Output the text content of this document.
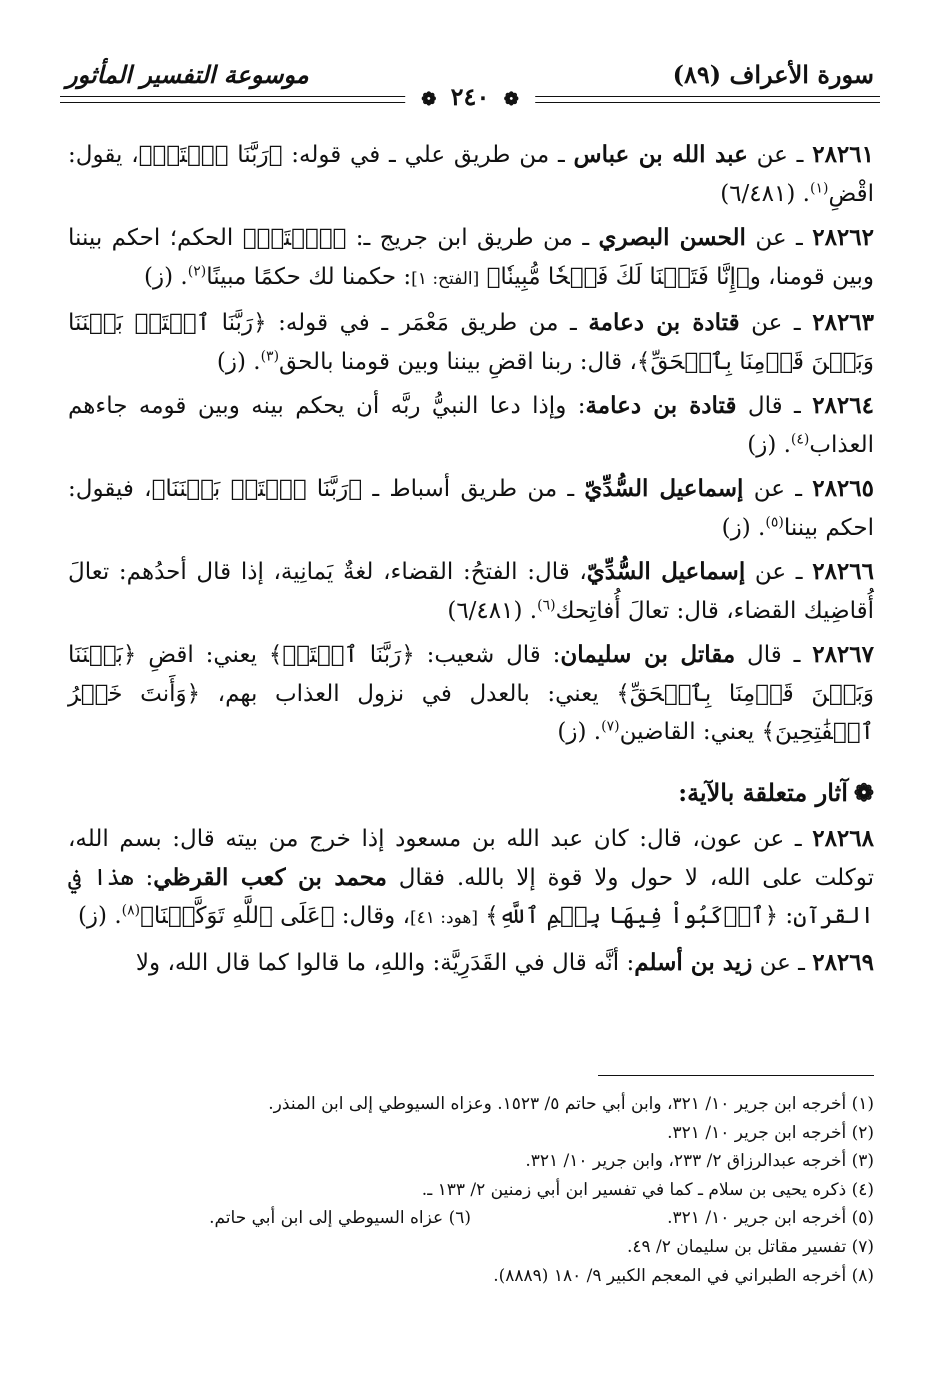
سورة الأعراف (٨٩)
موسوعة التفسير المأثور
❁ ٢٤٠ ❁

٢٨٢٦١ ـ عن عبد الله بن عباس ـ من طريق علي ـ في قوله: ﴿رَبَّنَا ٱفۡتَحۡ﴾، يقول: اقْضِ$^{(١)}$. (٦/٤٨١)

٢٨٢٦٢ ـ عن الحسن البصري ـ من طريق ابن جريج ـ: ﴿ٱفۡتَحۡ﴾ الحكم؛ احكم بيننا وبين قومنا، و﴿إِنَّا فَتَحۡنَا لَكَ فَتۡحٗا مُّبِينٗا﴾ [الفتح: ١]: حكمنا لك حكمًا مبينًا$^{(٢)}$. (ز)

٢٨٢٦٣ ـ عن قتادة بن دعامة ـ من طريق مَعْمَر ـ في قوله: ﴿رَبَّنَا ٱفۡتَحۡ بَيۡنَنَا وَبَيۡنَ قَوۡمِنَا بِٱلۡحَقِّ﴾، قال: ربنا اقضِ بيننا وبين قومنا بالحق$^{(٣)}$. (ز)

٢٨٢٦٤ ـ قال قتادة بن دعامة: وإذا دعا النبيُّ ربَّه أن يحكم بينه وبين قومه جاءهم العذاب$^{(٤)}$. (ز)

٢٨٢٦٥ ـ عن إسماعيل السُّدِّيّ ـ من طريق أسباط ـ ﴿رَبَّنَا ٱفۡتَحۡ بَيۡنَنَا﴾، فيقول: احكم بيننا$^{(٥)}$. (ز)

٢٨٢٦٦ ـ عن إسماعيل السُّدِّيّ، قال: الفتحُ: القضاء، لغةٌ يَمانِية، إذا قال أحدُهم: تعالَ أُقاضِيك القضاء، قال: تعالَ أُفاتِحك$^{(٦)}$. (٦/٤٨١)

٢٨٢٦٧ ـ قال مقاتل بن سليمان: قال شعيب: ﴿رَبَّنَا ٱفۡتَحۡ﴾ يعني: اقضِ ﴿بَيۡنَنَا وَبَيۡنَ قَوۡمِنَا بِٱلۡحَقِّ﴾ يعني: بالعدل في نزول العذاب بهم، ﴿وَأَنتَ خَيۡرُ ٱلۡفَٰتِحِينَ﴾ يعني: القاضين$^{(٧)}$. (ز)

❁آثار متعلقة بالآية:

٢٨٢٦٨ ـ عن عون، قال: كان عبد الله بن مسعود إذا خرج من بيته قال: بسم الله، توكلت على الله، لا حول ولا قوة إلا بالله. فقال محمد بن كعب القرظي: هذا في القرآن: ﴿ٱرۡكَبُواْ فِيهَا بِسۡمِ ٱللَّهِ﴾ [هود: ٤١]، وقال: ﴿عَلَى ٱللَّهِ تَوَكَّلۡنَا﴾$^{(٨)}$. (ز)

٢٨٢٦٩ ـ عن زيد بن أسلم: أنَّه قال في القَدَرِيَّة: واللهِ، ما قالوا كما قال الله، ولا

(١) أخرجه ابن جرير ١٠/ ٣٢١، وابن أبي حاتم ٥/ ١٥٢٣. وعزاه السيوطي إلى ابن المنذر.
(٢) أخرجه ابن جرير ١٠/ ٣٢١.
(٣) أخرجه عبدالرزاق ٢/ ٢٣٣، وابن جرير ١٠/ ٣٢١.
(٤) ذكره يحيى بن سلام ـ كما في تفسير ابن أبي زمنين ٢/ ١٣٣ ـ.
(٥) أخرجه ابن جرير ١٠/ ٣٢١.
(٦) عزاه السيوطي إلى ابن أبي حاتم.
(٧) تفسير مقاتل بن سليمان ٢/ ٤٩.
(٨) أخرجه الطبراني في المعجم الكبير ٩/ ١٨٠ (٨٨٨٩).
